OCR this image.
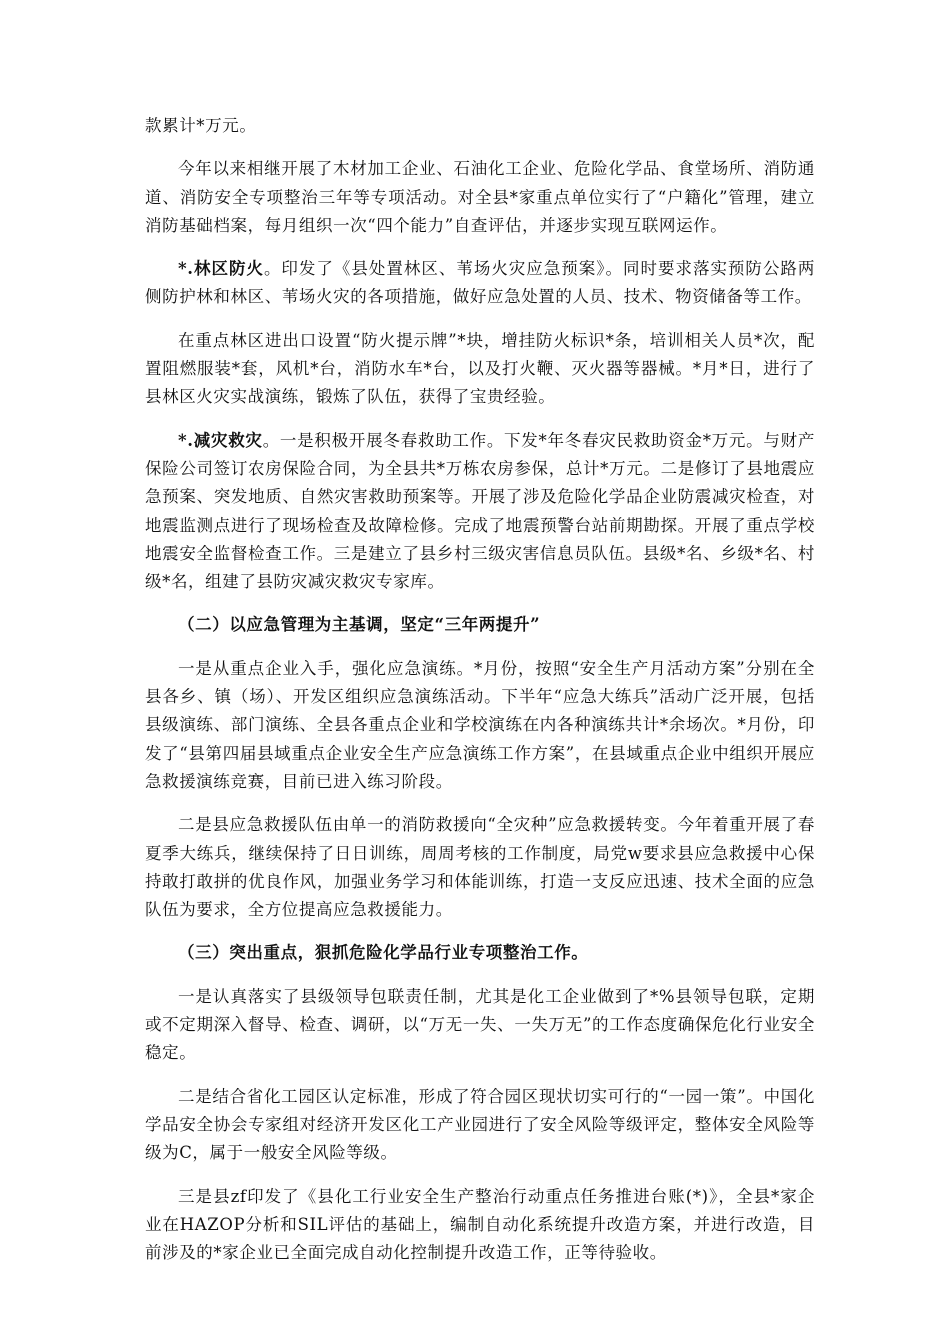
款累计*万元。

今年以来相继开展了木材加工企业、石油化工企业、危险化学品、食堂场所、消防通道、消防安全专项整治三年等专项活动。对全县*家重点单位实行了“户籍化”管理，建立消防基础档案，每月组织一次“四个能力”自查评估，并逐步实现互联网运作。

*.林区防火。印发了《县处置林区、苇场火灾应急预案》。同时要求落实预防公路两侧防护林和林区、苇场火灾的各项措施，做好应急处置的人员、技术、物资储备等工作。

在重点林区进出口设置“防火提示牌”*块，增挂防火标识*条，培训相关人员*次，配置阻燃服装*套，风机*台，消防水车*台，以及打火鞭、灭火器等器械。*月*日，进行了县林区火灾实战演练，锻炼了队伍，获得了宝贵经验。

*.减灾救灾。一是积极开展冬春救助工作。下发*年冬春灾民救助资金*万元。与财产保险公司签订农房保险合同，为全县共*万栋农房参保，总计*万元。二是修订了县地震应急预案、突发地质、自然灾害救助预案等。开展了涉及危险化学品企业防震减灾检查，对地震监测点进行了现场检查及故障检修。完成了地震预警台站前期勘探。开展了重点学校地震安全监督检查工作。三是建立了县乡村三级灾害信息员队伍。县级*名、乡级*名、村级*名，组建了县防灾减灾救灾专家库。

（二）以应急管理为主基调，坚定“三年两提升”

一是从重点企业入手，强化应急演练。*月份，按照“安全生产月活动方案”分别在全县各乡、镇（场）、开发区组织应急演练活动。下半年“应急大练兵”活动广泛开展，包括县级演练、部门演练、全县各重点企业和学校演练在内各种演练共计*余场次。*月份，印发了“县第四届县域重点企业安全生产应急演练工作方案”，在县域重点企业中组织开展应急救援演练竞赛，目前已进入练习阶段。

二是县应急救援队伍由单一的消防救援向“全灾种”应急救援转变。今年着重开展了春夏季大练兵，继续保持了日日训练，周周考核的工作制度，局党w要求县应急救援中心保持敢打敢拼的优良作风，加强业务学习和体能训练，打造一支反应迅速、技术全面的应急队伍为要求，全方位提高应急救援能力。

（三）突出重点，狠抓危险化学品行业专项整治工作。

一是认真落实了县级领导包联责任制，尤其是化工企业做到了*%县领导包联，定期或不定期深入督导、检查、调研，以“万无一失、一失万无”的工作态度确保危化行业安全稳定。

二是结合省化工园区认定标准，形成了符合园区现状切实可行的“一园一策”。中国化学品安全协会专家组对经济开发区化工产业园进行了安全风险等级评定，整体安全风险等级为C，属于一般安全风险等级。

三是县zf印发了《县化工行业安全生产整治行动重点任务推进台账(*)》，全县*家企业在HAZOP分析和SIL评估的基础上，编制自动化系统提升改造方案，并进行改造，目前涉及的*家企业已全面完成自动化控制提升改造工作，正等待验收。
